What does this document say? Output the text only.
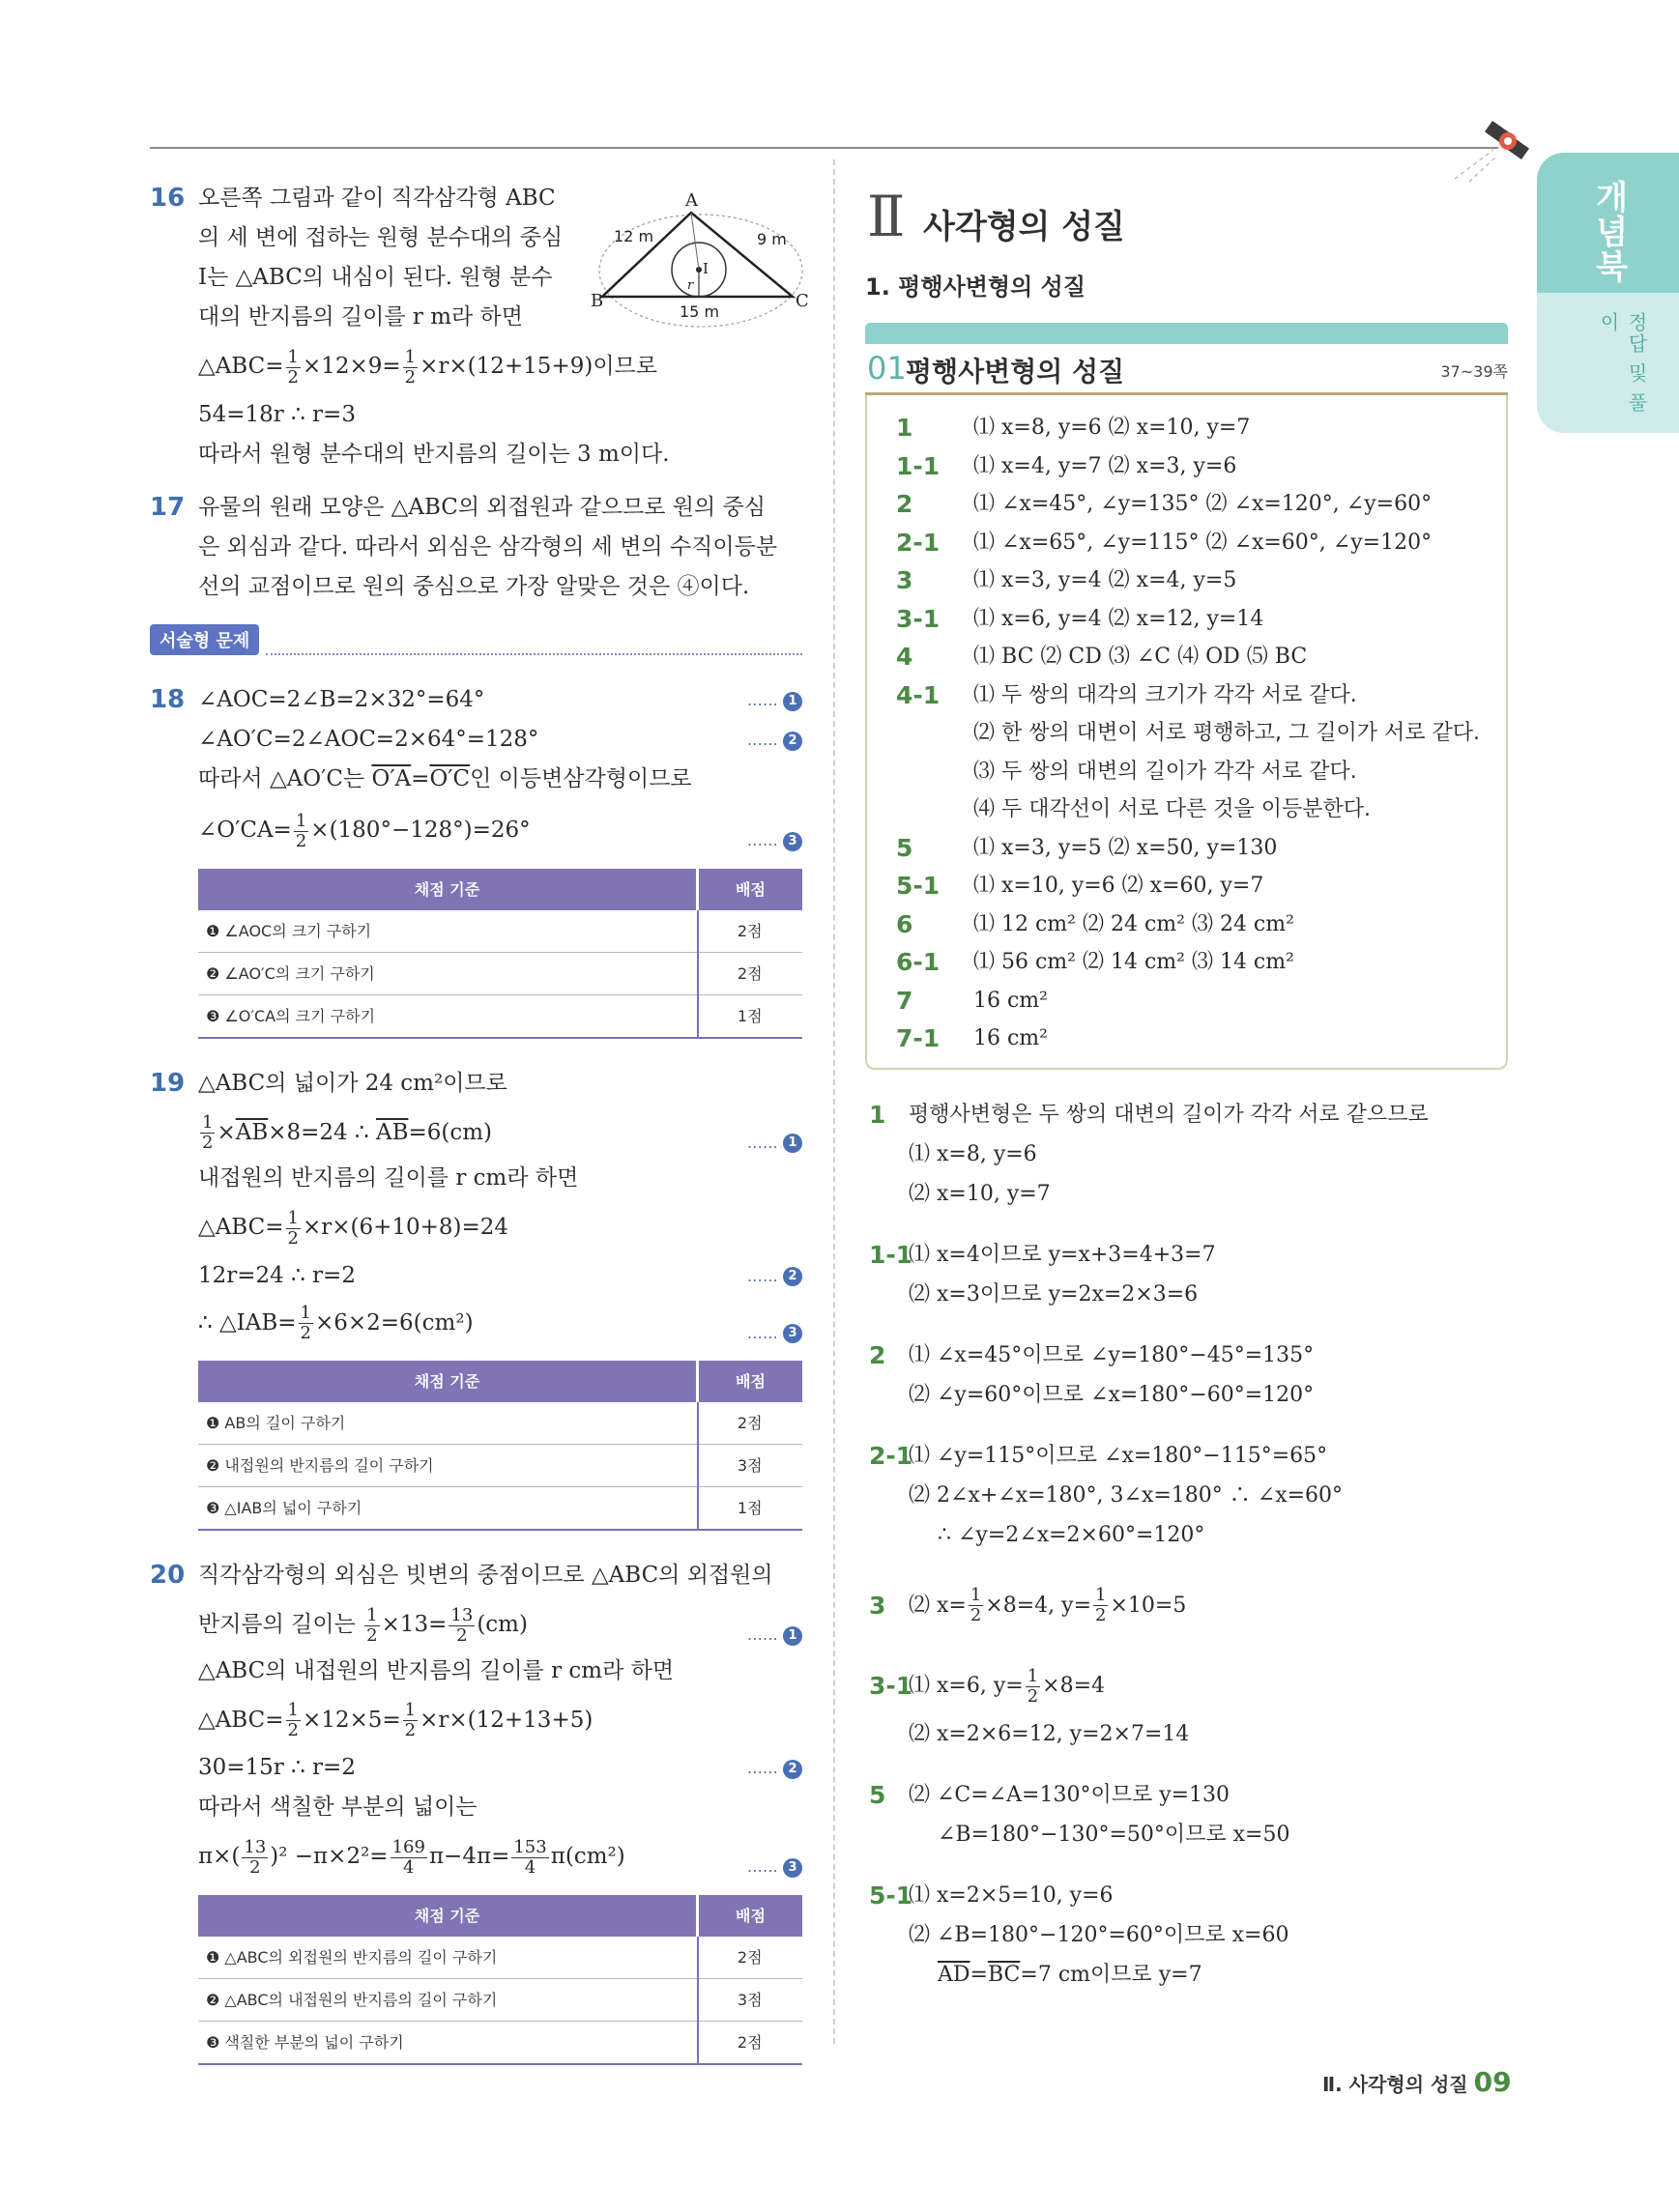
개념북
정답 및 풀이
16	A
B	C
I
12 m	9 m
15 m
r
오른쪽 그림과 같이 직각삼각형 ABC
의 세 변에 접하는 원형 분수대의 중심
I는 △ABC의 내심이 된다. 원형 분수
대의 반지름의 길이를 r m라 하면
△ABC= $\frac{1}{2} \times 12\times 9= \frac{1}{2} \times r\times(12+15+9)$이므로
54=18r ∴ r=3
따라서 원형 분수대의 반지름의 길이는 3 m이다.
17 유물의 원래 모양은 △ABC의 외접원과 같으므로 원의 중심
은 외심과 같다. 따라서 외심은 삼각형의 세 변의 수직이등분
선의 교점이므로 원의 중심으로 가장 알맞은 것은 ④이다.
서술형 문제
18 ∠AOC=2∠B=2×32°=64°	…… 1
∠AO′C=2∠AOC=2×64°=128°	…… 2
따라서 △AO′C는 O′A=O′C인 이등변삼각형이므로
∠O′CA= $\frac{1}{2} \times(180^\circ-128^\circ)=26^\circ$	…… 3
채점 기준	배점
❶ ∠AOC의 크기 구하기	2점
❷ ∠AO′C의 크기 구하기	2점
❸ ∠O′CA의 크기 구하기	1점
19 △ABC의 넓이가 24 cm²이므로
$\frac{1}{2} \times\overline{AB}\times 8=24$ ∴ $\overline{AB}=6(cm)$	…… 1
내접원의 반지름의 길이를 r cm라 하면
△ABC= $\frac{1}{2} \times r\times(6+10+8)=24$
12r=24 ∴ r=2	…… 2
∴ △IAB= $\frac{1}{2} \times 6\times 2=6(cm^2)$	…… 3
채점 기준	배점
❶ AB의 길이 구하기	2점
❷ 내접원의 반지름의 길이 구하기	3점
❸ △IAB의 넓이 구하기	1점
20 직각삼각형의 외심은 빗변의 중점이므로 △ABC의 외접원의
반지름의 길이는 $\frac{1}{2} \times 13= \frac{13}{2} (cm)$	…… 1
△ABC의 내접원의 반지름의 길이를 r cm라 하면
△ABC= $\frac{1}{2} \times 12\times 5= \frac{1}{2} \times r\times(12+13+5)$
30=15r ∴ r=2	…… 2
따라서 색칠한 부분의 넓이는
$\pi\times( \frac{13}{2} )^2 -\pi\times 2^2= \frac{169}{4} \pi-4\pi= \frac{153}{4} \pi(cm^2)$	…… 3
채점 기준	배점
❶ △ABC의 외접원의 반지름의 길이 구하기	2점
❷ △ABC의 내접원의 반지름의 길이 구하기	3점
❸ 색칠한 부분의 넓이 구하기	2점
Ⅱ 사각형의 성질
1. 평행사변형의 성질
01 평행사변형의 성질	37~39쪽
1	⑴ x=8, y=6 ⑵ x=10, y=7
1-1 ⑴ x=4, y=7 ⑵ x=3, y=6
2	⑴ ∠x=45°, ∠y=135° ⑵ ∠x=120°, ∠y=60°
2-1 ⑴ ∠x=65°, ∠y=115° ⑵ ∠x=60°, ∠y=120°
3	⑴ x=3, y=4 ⑵ x=4, y=5
3-1 ⑴ x=6, y=4 ⑵ x=12, y=14
4	⑴ BC ⑵ CD ⑶ ∠C ⑷ OD ⑸ BC
4-1 ⑴ 두 쌍의 대각의 크기가 각각 서로 같다.
⑵ 한 쌍의 대변이 서로 평행하고, 그 길이가 서로 같다.
⑶ 두 쌍의 대변의 길이가 각각 서로 같다.
⑷ 두 대각선이 서로 다른 것을 이등분한다.
5	⑴ x=3, y=5 ⑵ x=50, y=130
5-1 ⑴ x=10, y=6 ⑵ x=60, y=7
6	⑴ 12 cm² ⑵ 24 cm² ⑶ 24 cm²
6-1 ⑴ 56 cm² ⑵ 14 cm² ⑶ 14 cm²
7	16 cm²
7-1 16 cm²
1 평행사변형은 두 쌍의 대변의 길이가 각각 서로 같으므로
⑴ x=8, y=6
⑵ x=10, y=7
1-1
⑴ x=4이므로 y=x+3=4+3=7
⑵ x=3이므로 y=2x=2×3=6
2 ⑴ ∠x=45°이므로 ∠y=180°−45°=135°
⑵ ∠y=60°이므로 ∠x=180°−60°=120°
2-1
⑴ ∠y=115°이므로 ∠x=180°−115°=65°
⑵ 2∠x+∠x=180°, 3∠x=180° ∴ ∠x=60°
∴ ∠y=2∠x=2×60°=120°
3 ⑵ $x= \frac{1}{2} \times 8=4$, $y= \frac{1}{2} \times 10=5$
3-1
⑴ x=6, $y= \frac{1}{2} \times 8=4$
⑵ x=2×6=12, y=2×7=14
5 ⑵ ∠C=∠A=130°이므로 y=130
∠B=180°−130°=50°이므로 x=50
5-1
⑴ x=2×5=10, y=6
⑵ ∠B=180°−120°=60°이므로 x=60
$\overline{AD}=\overline{BC}=7$ cm이므로 y=7
Ⅱ. 사각형의 성질 09
